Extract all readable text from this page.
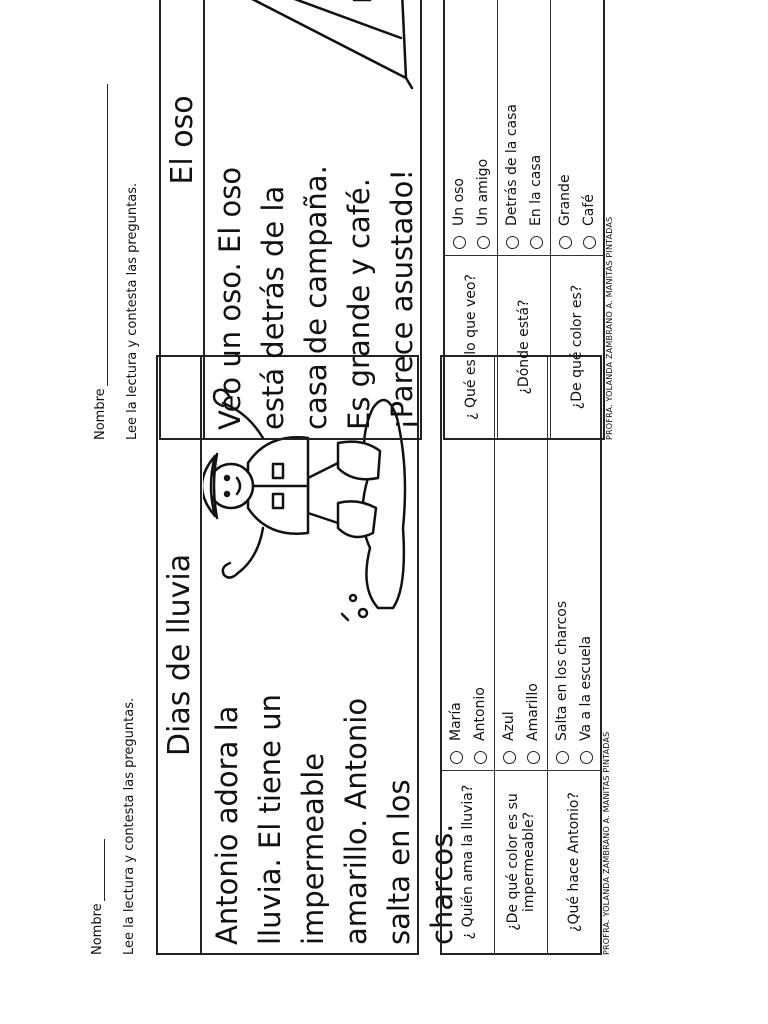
Nombre Lee la lectura y contesta las preguntas.
Dias de lluvia
Antonio adora la lluvia. El tiene un impermeable amarillo. Antonio salta en los charcos. ¿ Quién ama la lluvia?	María Antonio

¿De qué color es su impermeable?	Azul Amarillo

¿Qué hace Antonio?	Salta en los charcos Va a la escuela
PROFRA. YOLANDA ZAMBRANO A. MANITAS PINTADAS
Nombre Lee la lectura y contesta las preguntas.
El oso
Veo un oso. El oso está detrás de la casa de campaña. Es grande y café. ¡Parece asustado!	¿ Qué es lo que veo?	Un oso Un amigo

¿Dónde está?	Detrás de la casa En la casa

¿De qué color es?	Grande Café
PROFRA. YOLANDA ZAMBRANO A. MANITAS PINTADAS
